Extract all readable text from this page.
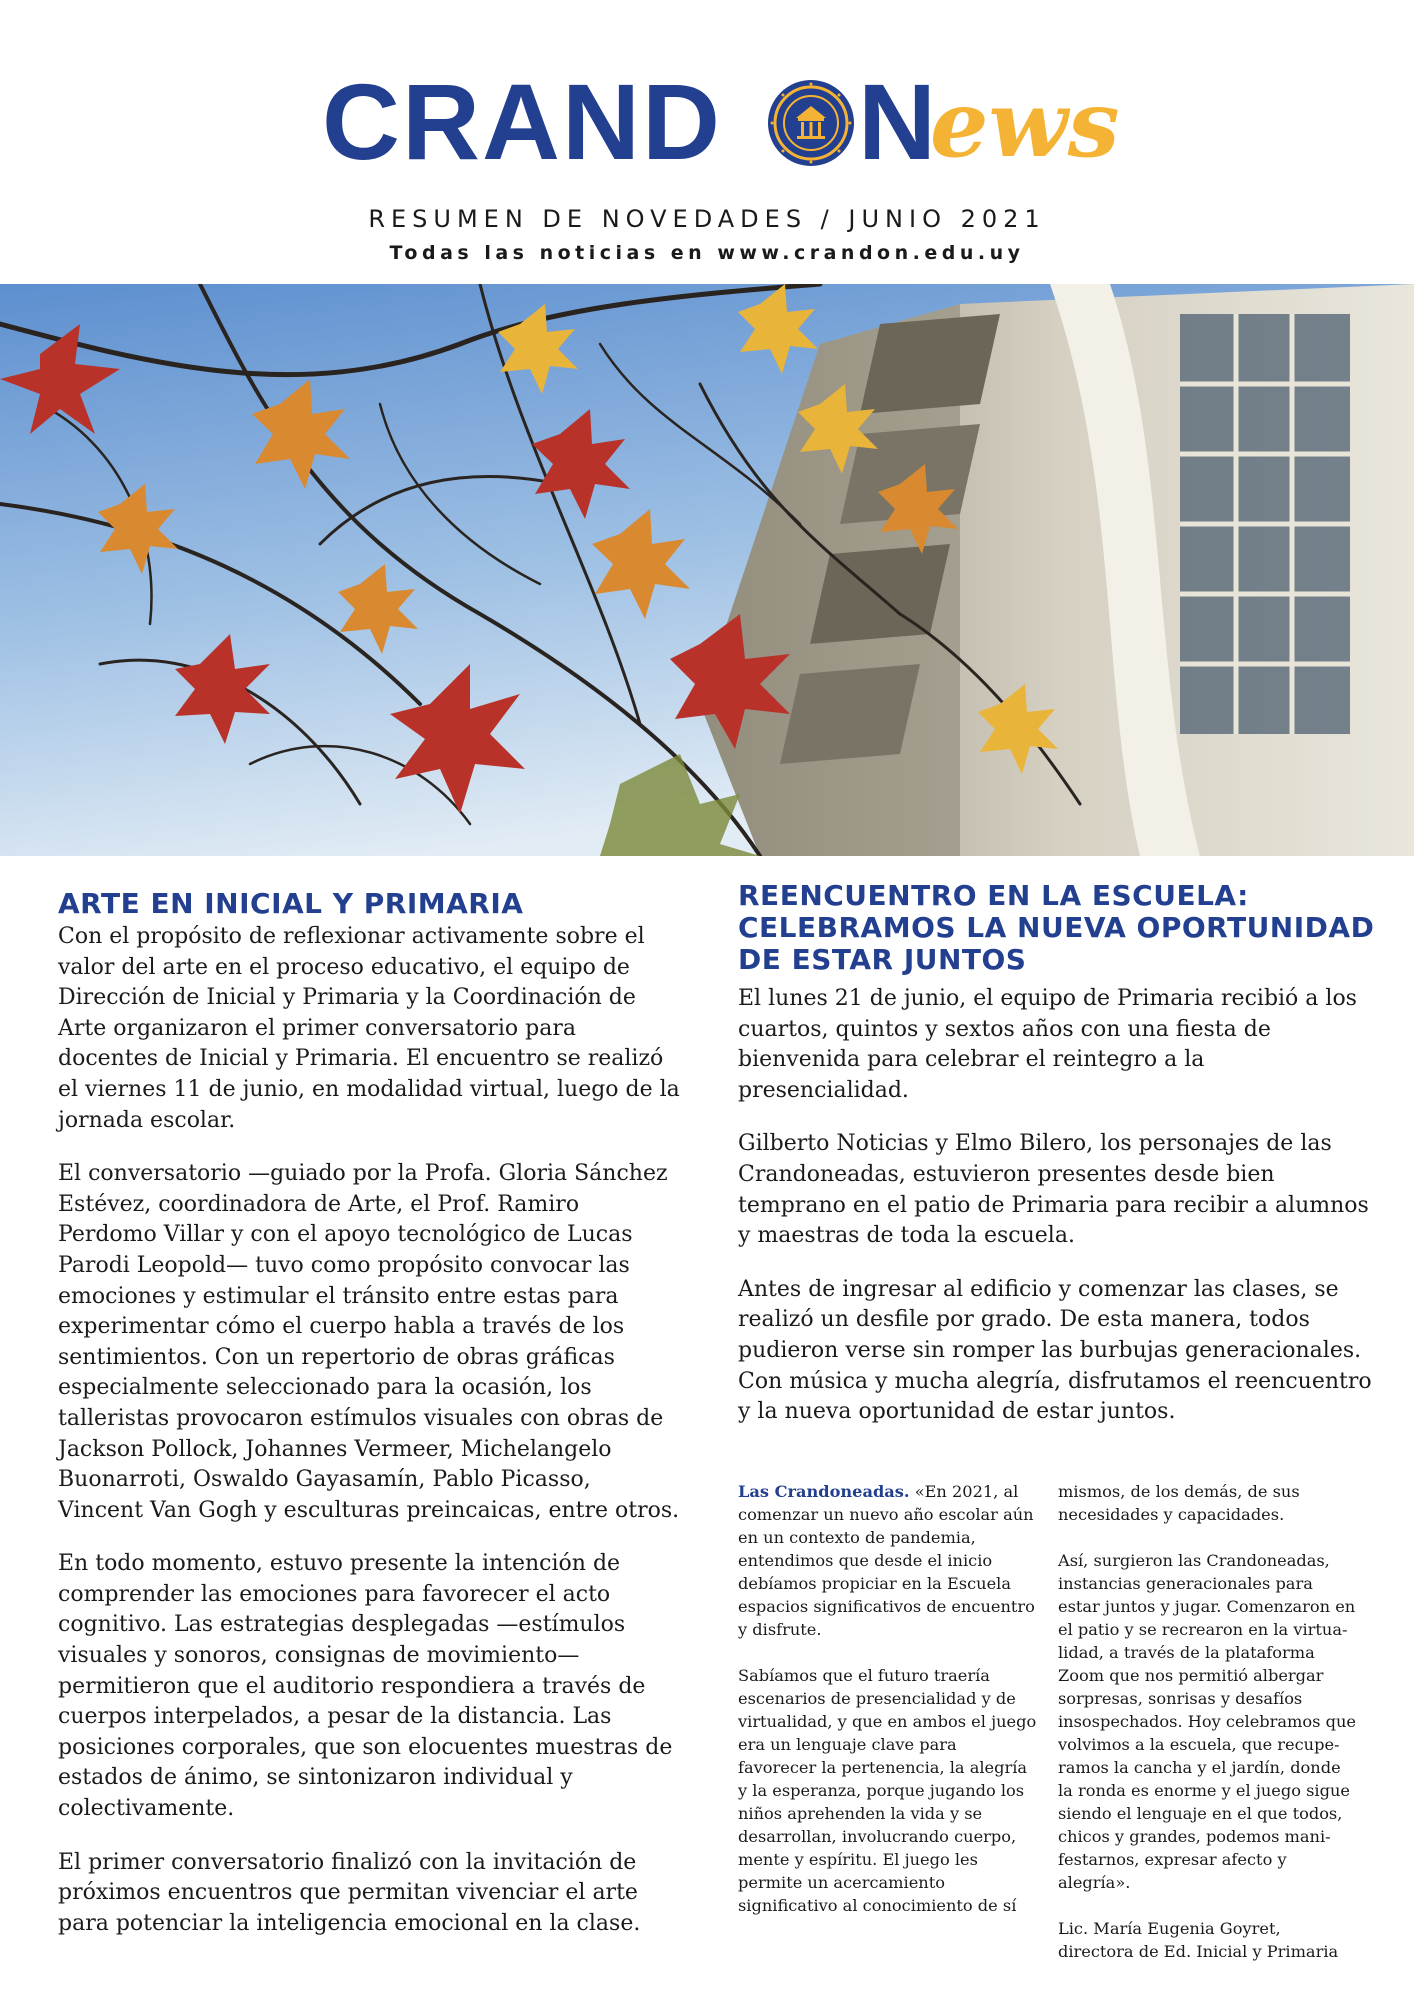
CRAND N
ews
RESUMEN DE NOVEDADES / JUNIO 2021
Todas las noticias en www.crandon.edu.uy
ARTE EN INICIAL Y PRIMARIA

Con el propósito de reflexionar activamente sobre el valor del arte en el proceso educativo, el equipo de Dirección de Inicial y Primaria y la Coordinación de Arte organizaron el primer conversatorio para docentes de Inicial y Primaria. El encuentro se realizó el viernes 11 de junio, en modalidad virtual, luego de la jornada escolar.

El conversatorio —guiado por la Profa. Gloria Sánchez Estévez, coordinadora de Arte, el Prof. Ramiro Perdomo Villar y con el apoyo tecnológico de Lucas Parodi Leopold— tuvo como propósito convocar las emociones y estimular el tránsito entre estas para experimentar cómo el cuerpo habla a través de los sentimientos. Con un repertorio de obras gráficas especialmente seleccionado para la ocasión, los talleristas provocaron estímulos visuales con obras de Jackson Pollock, Johannes Vermeer, Michelangelo Buonarroti, Oswaldo Gayasamín, Pablo Picasso, Vincent Van Gogh y esculturas preincaicas, entre otros.

En todo momento, estuvo presente la intención de comprender las emociones para favorecer el acto cognitivo. Las estrategias desplegadas —estímulos visuales y sonoros, consignas de movimiento— permitieron que el auditorio respondiera a través de cuerpos interpelados, a pesar de la distancia. Las posiciones corporales, que son elocuentes muestras de estados de ánimo, se sintonizaron individual y colectivamente.

El primer conversatorio finalizó con la invitación de próximos encuentros que permitan vivenciar el arte para potenciar la inteligencia emocional en la clase.

REENCUENTRO EN LA ESCUELA: CELEBRAMOS LA NUEVA OPORTUNIDAD DE ESTAR JUNTOS

El lunes 21 de junio, el equipo de Primaria recibió a los cuartos, quintos y sextos años con una fiesta de bienvenida para celebrar el reintegro a la presencialidad.

Gilberto Noticias y Elmo Bilero, los personajes de las Crandoneadas, estuvieron presentes desde bien temprano en el patio de Primaria para recibir a alumnos y maestras de toda la escuela.

Antes de ingresar al edificio y comenzar las clases, se realizó un desfile por grado. De esta manera, todos pudieron verse sin romper las burbujas generacionales. Con música y mucha alegría, disfrutamos el reencuentro y la nueva oportunidad de estar juntos.

Las Crandoneadas. «En 2021, al comenzar un nuevo año escolar aún en un contexto de pandemia, entendimos que desde el inicio debíamos propiciar en la Escuela espacios significativos de encuentro y disfrute.

Sabíamos que el futuro traería escenarios de presencialidad y de virtualidad, y que en ambos el juego era un lenguaje clave para favorecer la pertenencia, la alegría y la esperanza, porque jugando los niños aprehenden la vida y se desarrollan, involucrando cuerpo, mente y espíritu. El juego les permite un acercamiento significativo al conocimiento de sí

mismos, de los demás, de sus necesidades y capacidades.

Así, surgieron las Crandoneadas, instancias generacionales para estar juntos y jugar. Comenzaron en el patio y se recrearon en la virtua-lidad, a través de la plataforma Zoom que nos permitió albergar sorpresas, sonrisas y desafíos insospechados. Hoy celebramos que volvimos a la escuela, que recupe-ramos la cancha y el jardín, donde la ronda es enorme y el juego sigue siendo el lenguaje en el que todos, chicos y grandes, podemos mani-festarnos, expresar afecto y alegría».

Lic. María Eugenia Goyret, directora de Ed. Inicial y Primaria
